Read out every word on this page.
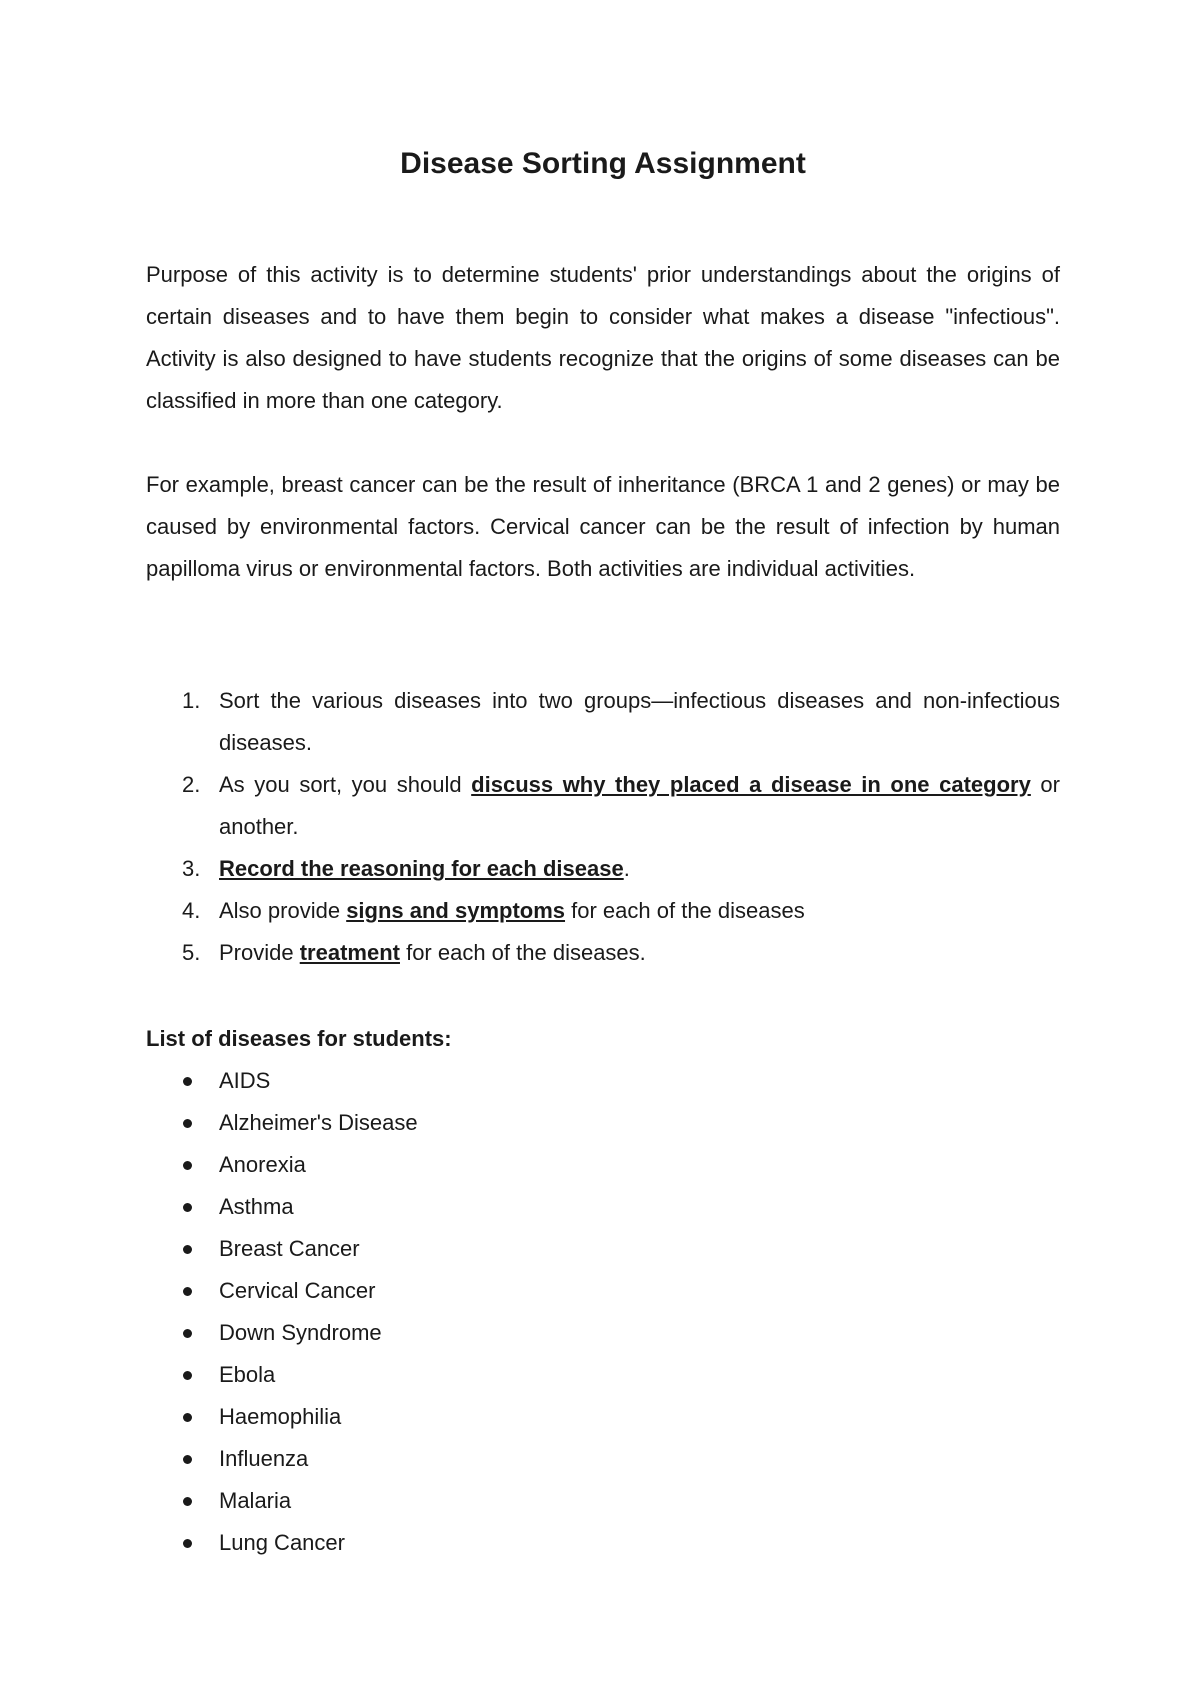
Disease Sorting Assignment

Purpose of this activity is to determine students' prior understandings about the origins of certain diseases and to have them begin to consider what makes a disease "infectious". Activity is also designed to have students recognize that the origins of some diseases can be classified in more than one category.

For example, breast cancer can be the result of inheritance (BRCA 1 and 2 genes) or may be caused by environmental factors. Cervical cancer can be the result of infection by human papilloma virus or environmental factors. Both activities are individual activities.

1. Sort the various diseases into two groups—infectious diseases and non-infectious diseases.
2. As you sort, you should discuss why they placed a disease in one category or another.
3. Record the reasoning for each disease.
4. Also provide signs and symptoms for each of the diseases
5. Provide treatment for each of the diseases.

List of diseases for students:

AIDS
Alzheimer's Disease
Anorexia
Asthma
Breast Cancer
Cervical Cancer
Down Syndrome
Ebola
Haemophilia
Influenza
Malaria
Lung Cancer
